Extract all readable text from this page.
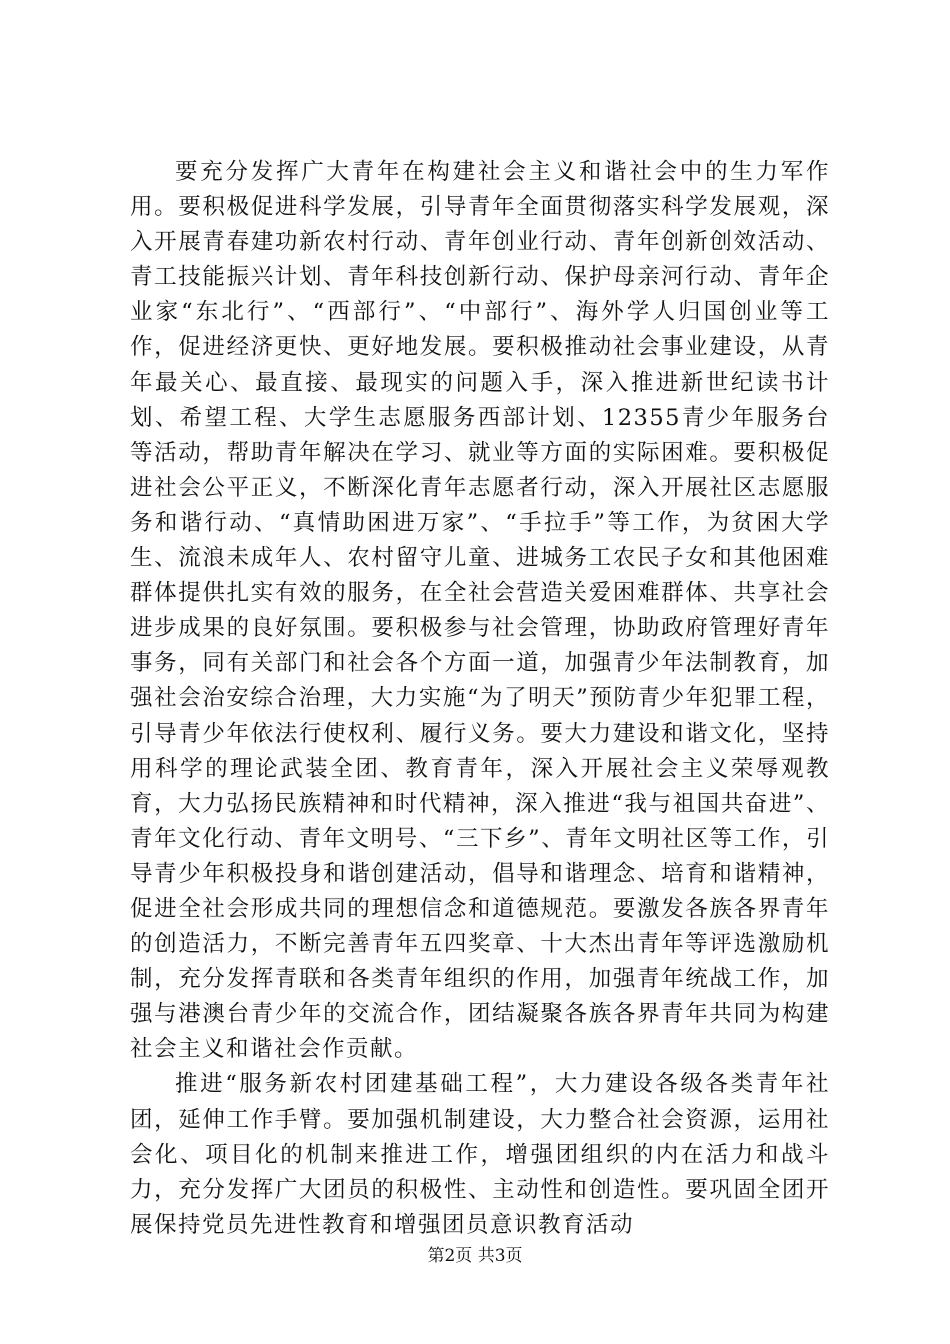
要充分发挥广大青年在构建社会主义和谐社会中的生力军作用。要积极促进科学发展，引导青年全面贯彻落实科学发展观，深入开展青春建功新农村行动、青年创业行动、青年创新创效活动、青工技能振兴计划、青年科技创新行动、保护母亲河行动、青年企业家“东北行”、“西部行”、“中部行”、海外学人归国创业等工作，促进经济更快、更好地发展。要积极推动社会事业建设，从青年最关心、最直接、最现实的问题入手，深入推进新世纪读书计划、希望工程、大学生志愿服务西部计划、12355青少年服务台等活动，帮助青年解决在学习、就业等方面的实际困难。要积极促进社会公平正义，不断深化青年志愿者行动，深入开展社区志愿服务和谐行动、“真情助困进万家”、“手拉手”等工作，为贫困大学生、流浪未成年人、农村留守儿童、进城务工农民子女和其他困难群体提供扎实有效的服务，在全社会营造关爱困难群体、共享社会进步成果的良好氛围。要积极参与社会管理，协助政府管理好青年事务，同有关部门和社会各个方面一道，加强青少年法制教育，加强社会治安综合治理，大力实施“为了明天”预防青少年犯罪工程，引导青少年依法行使权利、履行义务。要大力建设和谐文化，坚持用科学的理论武装全团、教育青年，深入开展社会主义荣辱观教育，大力弘扬民族精神和时代精神，深入推进“我与祖国共奋进”、青年文化行动、青年文明号、“三下乡”、青年文明社区等工作，引导青少年积极投身和谐创建活动，倡导和谐理念、培育和谐精神，促进全社会形成共同的理想信念和道德规范。要激发各族各界青年的创造活力，不断完善青年五四奖章、十大杰出青年等评选激励机制，充分发挥青联和各类青年组织的作用，加强青年统战工作，加强与港澳台青少年的交流合作，团结凝聚各族各界青年共同为构建社会主义和谐社会作贡献。

推进“服务新农村团建基础工程”，大力建设各级各类青年社团，延伸工作手臂。要加强机制建设，大力整合社会资源，运用社会化、项目化的机制来推进工作，增强团组织的内在活力和战斗力，充分发挥广大团员的积极性、主动性和创造性。要巩固全团开展保持党员先进性教育和增强团员意识教育活动

第2页 共3页
